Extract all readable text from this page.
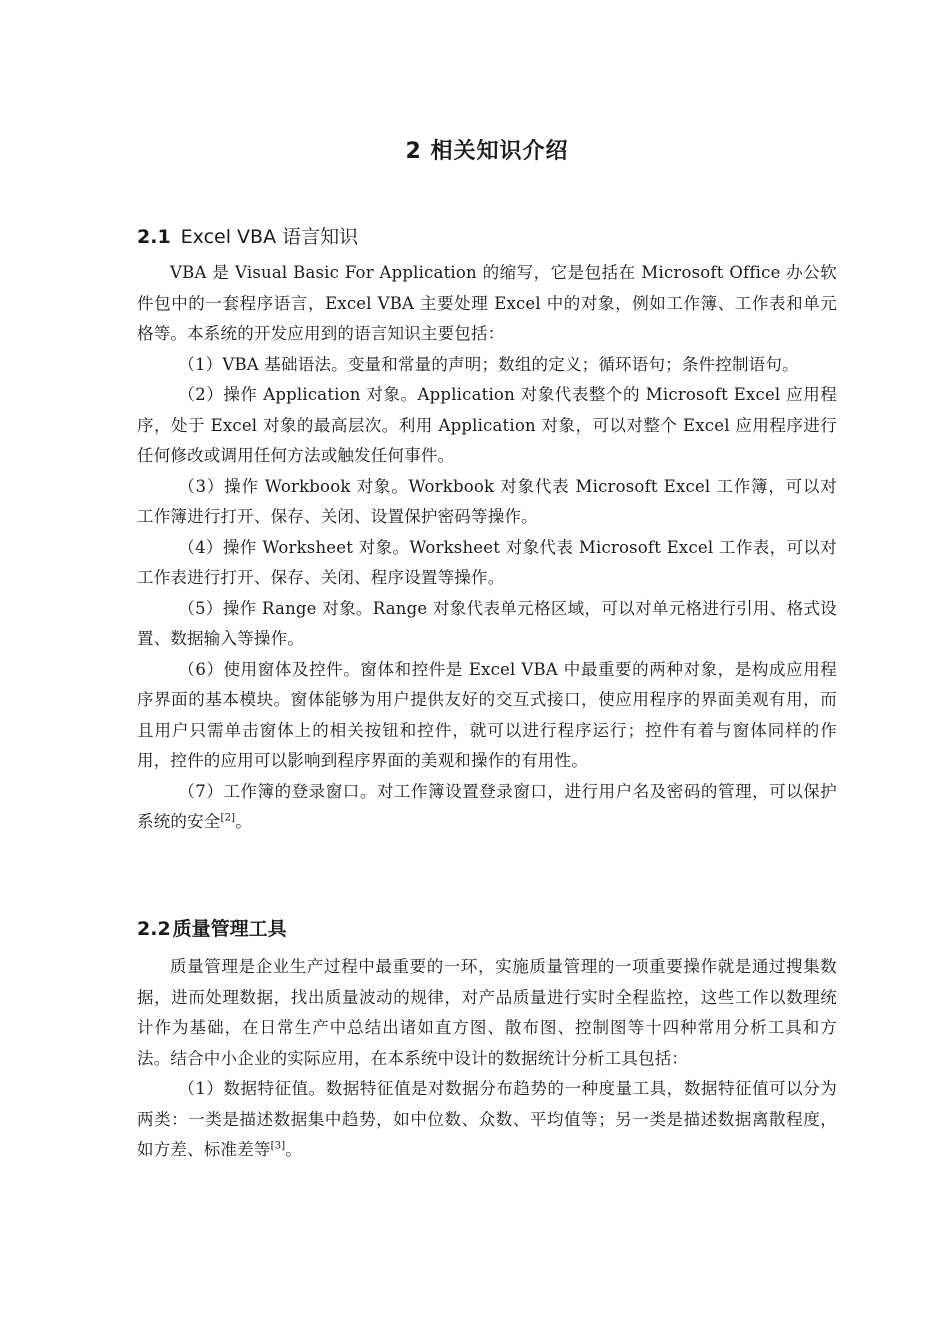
2 相关知识介绍
2.1 Excel VBA 语言知识

VBA 是 Visual Basic For Application 的缩写，它是包括在 Microsoft Office 办公软件包中的一套程序语言，Excel VBA 主要处理 Excel 中的对象，例如工作簿、工作表和单元格等。本系统的开发应用到的语言知识主要包括：

（1）VBA 基础语法。变量和常量的声明；数组的定义；循环语句；条件控制语句。

（2）操作 Application 对象。Application 对象代表整个的 Microsoft Excel 应用程序，处于 Excel 对象的最高层次。利用 Application 对象，可以对整个 Excel 应用程序进行任何修改或调用任何方法或触发任何事件。

（3）操作 Workbook 对象。Workbook 对象代表 Microsoft Excel 工作簿，可以对工作簿进行打开、保存、关闭、设置保护密码等操作。

（4）操作 Worksheet 对象。Worksheet 对象代表 Microsoft Excel 工作表，可以对工作表进行打开、保存、关闭、程序设置等操作。

（5）操作 Range 对象。Range 对象代表单元格区域，可以对单元格进行引用、格式设置、数据输入等操作。

（6）使用窗体及控件。窗体和控件是 Excel VBA 中最重要的两种对象，是构成应用程序界面的基本模块。窗体能够为用户提供友好的交互式接口，使应用程序的界面美观有用，而且用户只需单击窗体上的相关按钮和控件，就可以进行程序运行；控件有着与窗体同样的作用，控件的应用可以影响到程序界面的美观和操作的有用性。

（7）工作簿的登录窗口。对工作簿设置登录窗口，进行用户名及密码的管理，可以保护系统的安全[2]。

2.2 质量管理工具

质量管理是企业生产过程中最重要的一环，实施质量管理的一项重要操作就是通过搜集数据，进而处理数据，找出质量波动的规律，对产品质量进行实时全程监控，这些工作以数理统计作为基础，在日常生产中总结出诸如直方图、散布图、控制图等十四种常用分析工具和方法。结合中小企业的实际应用，在本系统中设计的数据统计分析工具包括：

（1）数据特征值。数据特征值是对数据分布趋势的一种度量工具，数据特征值可以分为两类：一类是描述数据集中趋势，如中位数、众数、平均值等；另一类是描述数据离散程度，如方差、标准差等[3]。
